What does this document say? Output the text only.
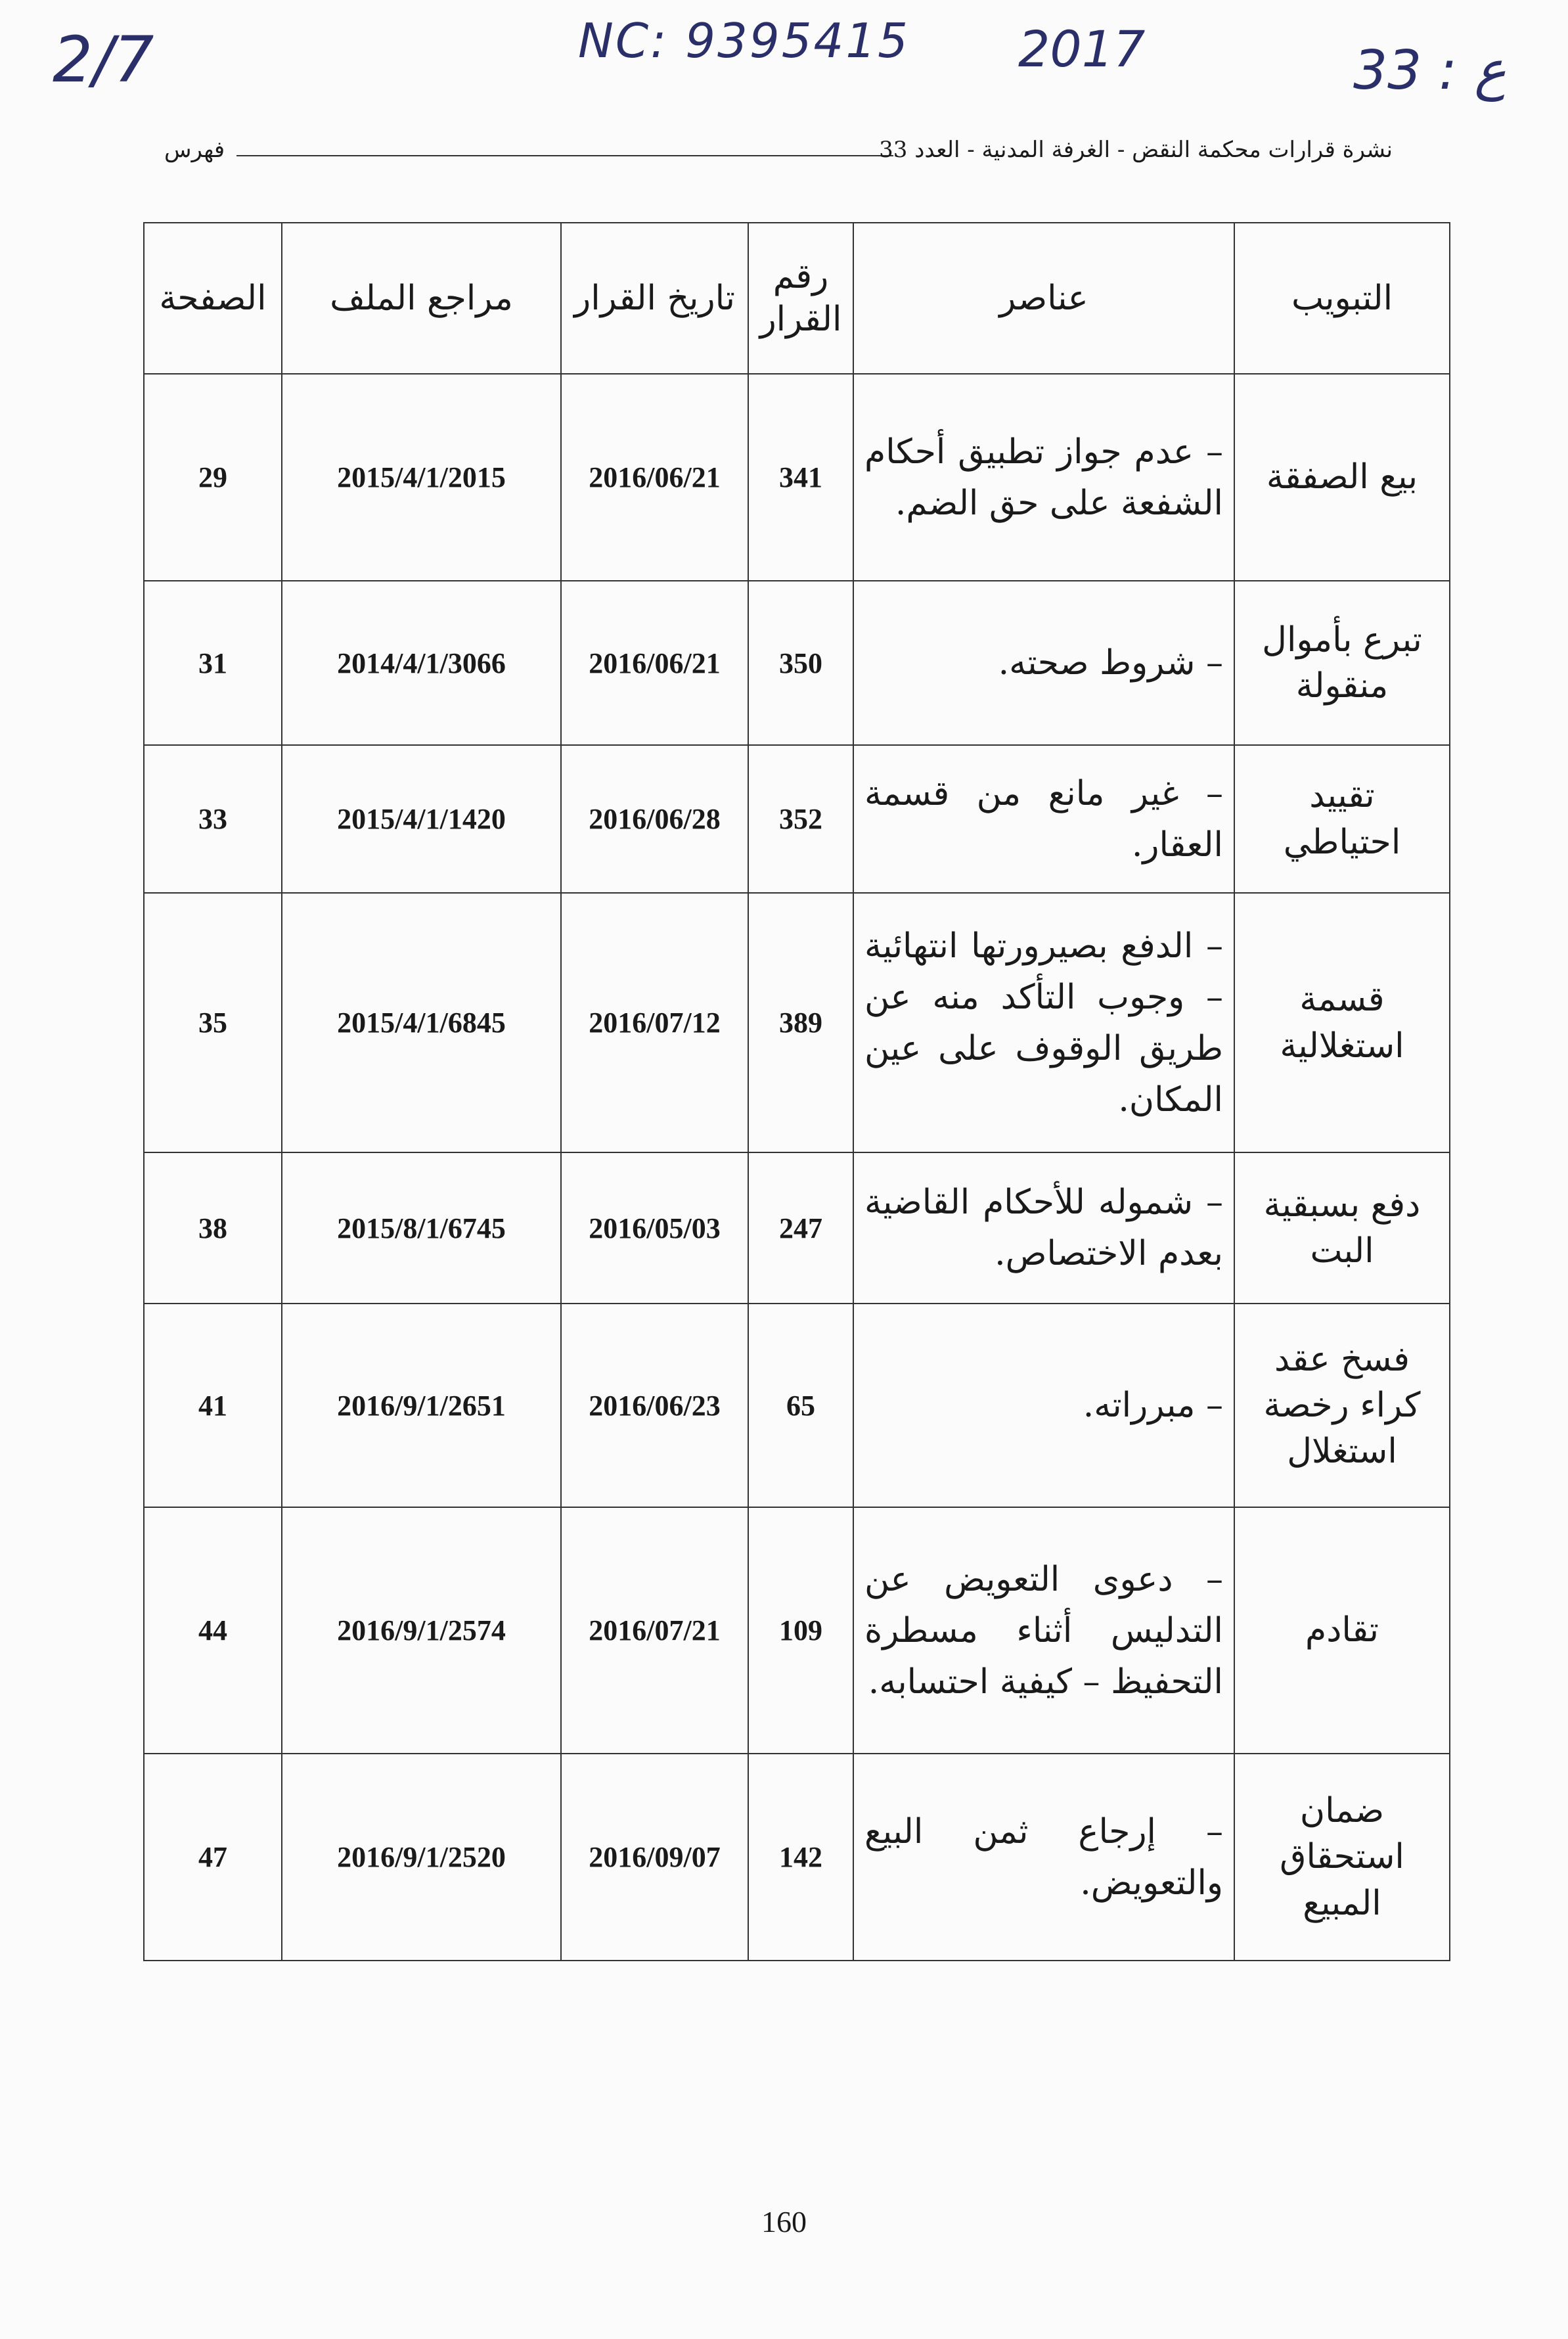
2/7	NC: 9395415 2017	33 : ع
فهرس	نشرة قرارات محكمة النقض - الغرفة المدنية - العدد 33
الصفحة	مراجع الملف	تاريخ القرار	رقم القرار	عناصر	التبويب
29	2015/4/1/2015	2016/06/21	341	– عدم جواز تطبيق أحكام الشفعة على حق الضم.	بيع الصفقة
31	2014/4/1/3066	2016/06/21	350	– شروط صحته.	تبرع بأموال منقولة
33	2015/4/1/1420	2016/06/28	352	– غير مانع من قسمة العقار.	تقييد احتياطي
35	2015/4/1/6845	2016/07/12	389	– الدفع بصيرورتها انتهائية – وجوب التأكد منه عن طريق الوقوف على عين المكان.	قسمة استغلالية
38	2015/8/1/6745	2016/05/03	247	– شموله للأحكام القاضية بعدم الاختصاص.	دفع بسبقية البت
41	2016/9/1/2651	2016/06/23	65	– مبرراته.	فسخ عقد كراء رخصة استغلال
44	2016/9/1/2574	2016/07/21	109	– دعوى التعويض عن التدليس أثناء مسطرة التحفيظ – كيفية احتسابه.	تقادم
47	2016/9/1/2520	2016/09/07	142	– إرجاع ثمن البيع والتعويض.	ضمان استحقاق المبيع
160
